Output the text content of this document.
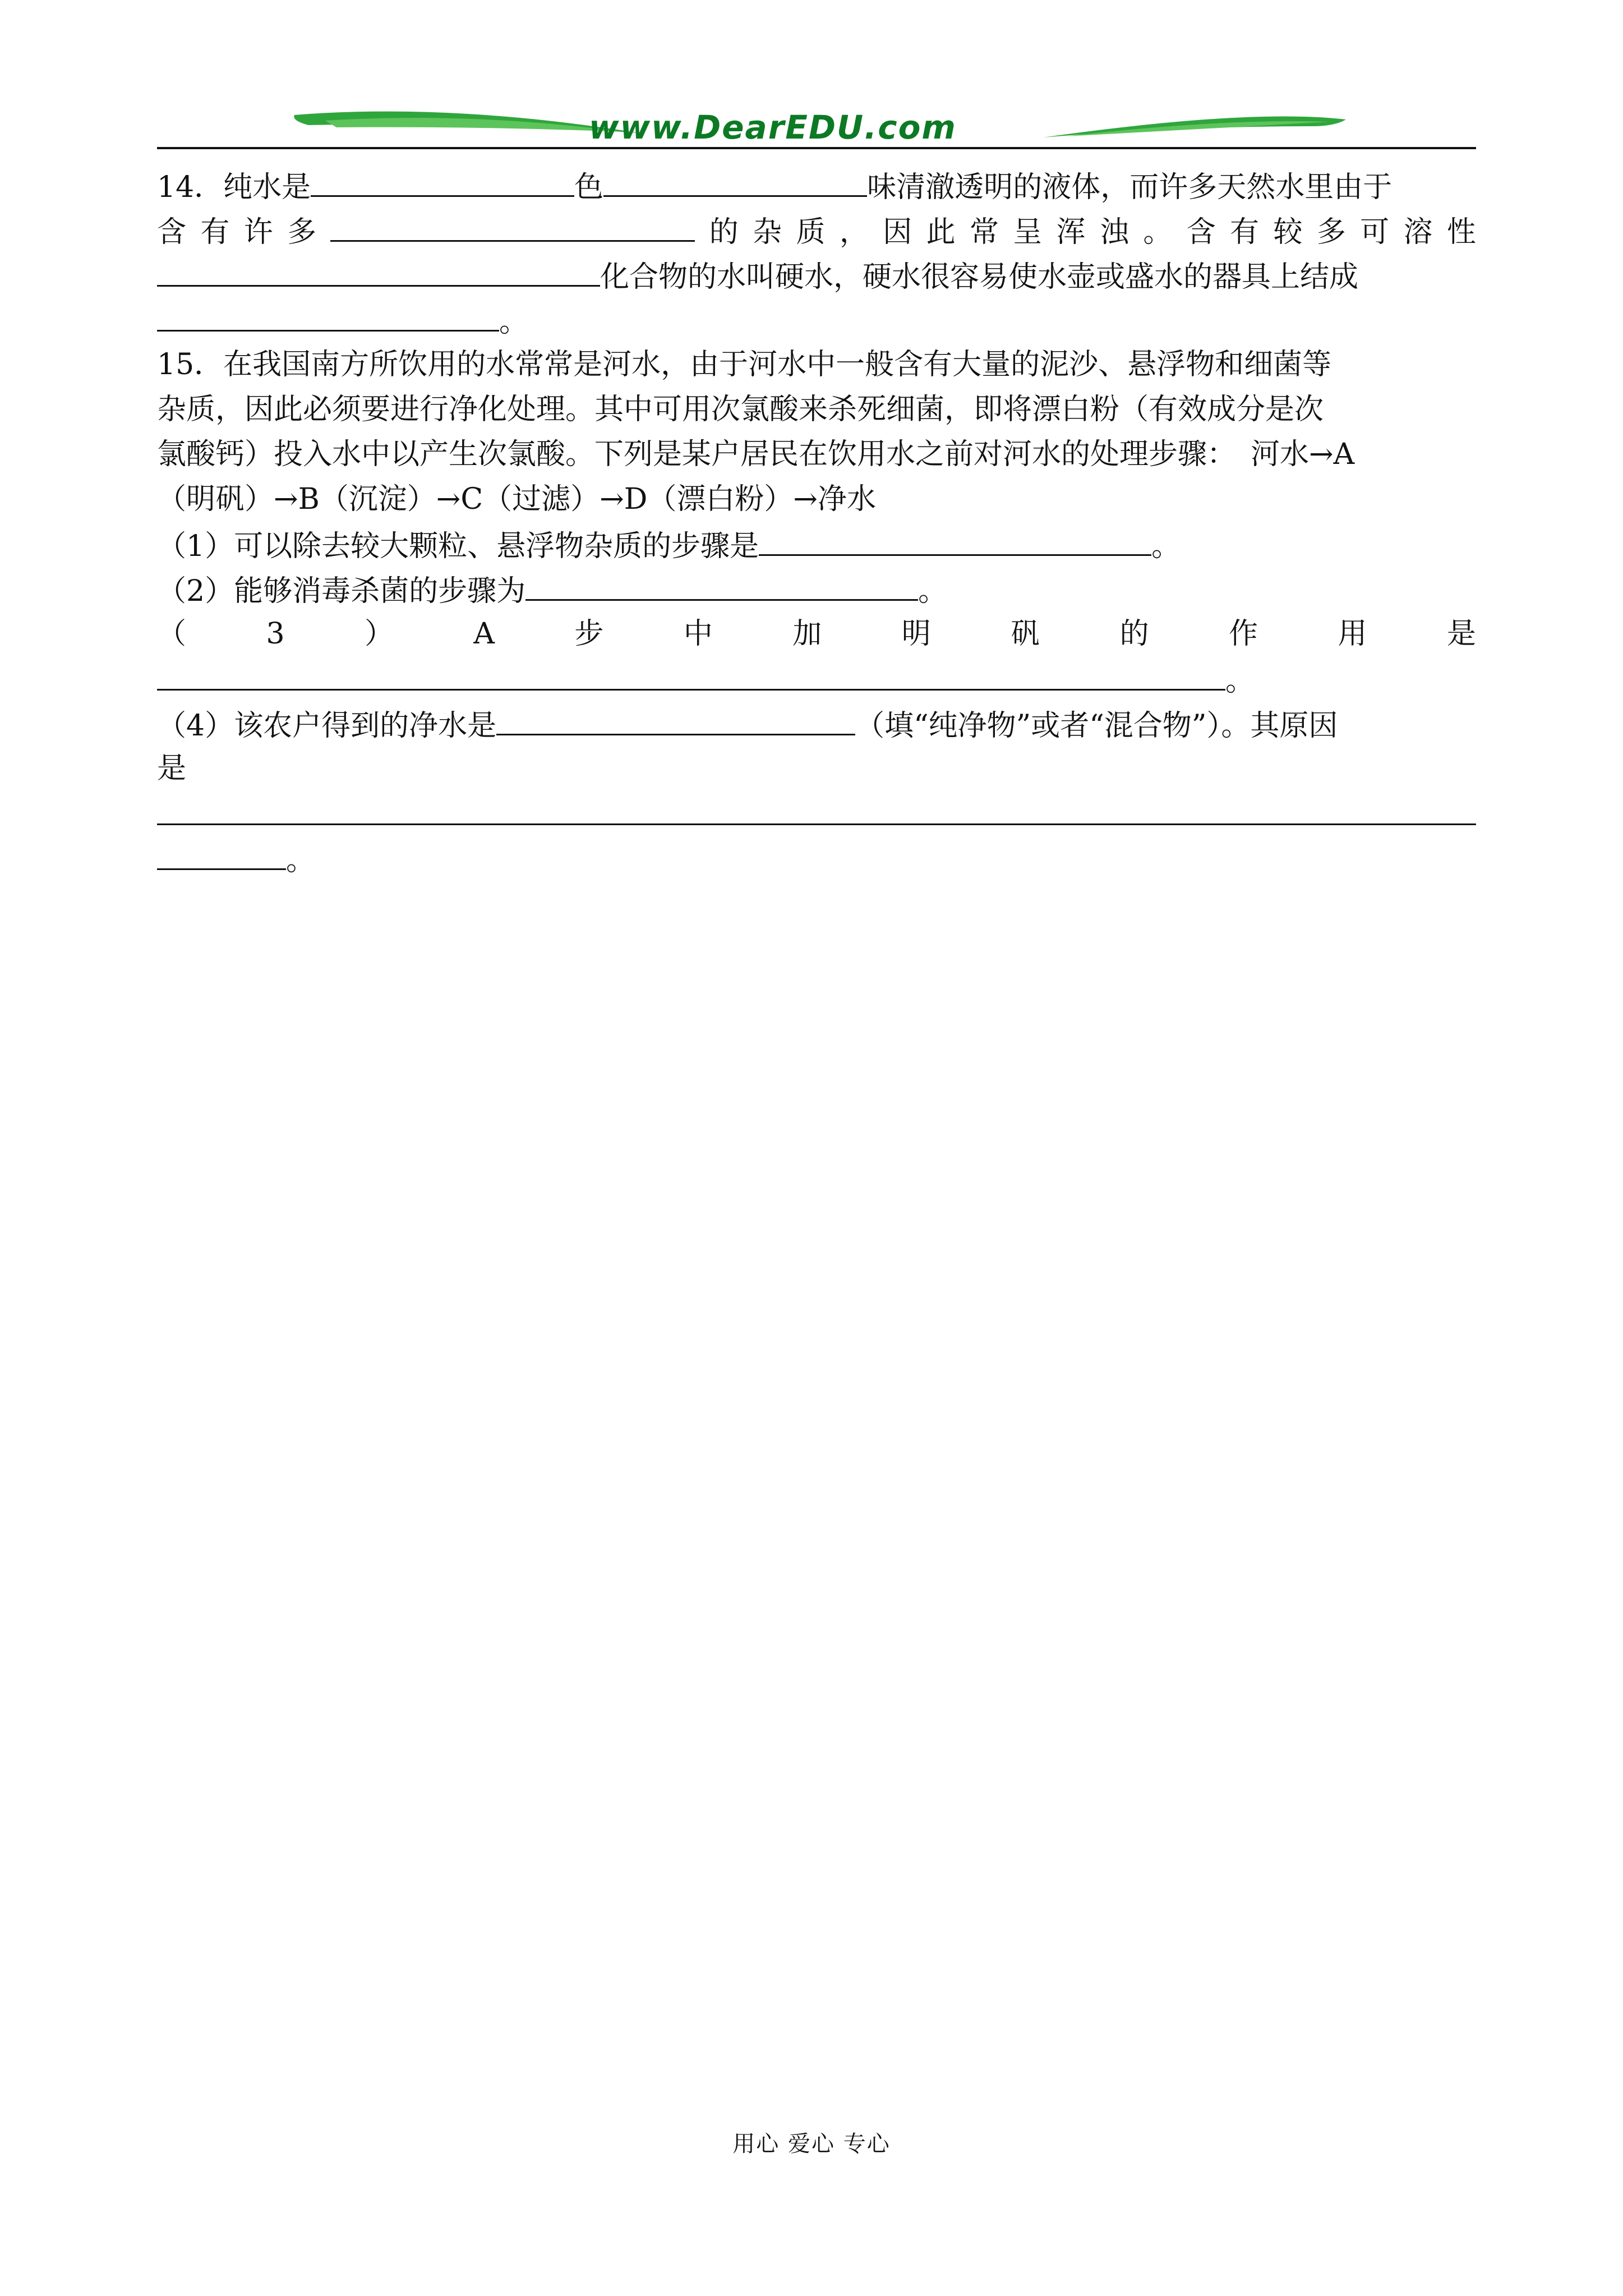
www.DearEDU.com
14．纯水是	色	味清澈透明的液体，而许多天然水里由于
含 有 许 多	的 杂 质 ， 因 此 常 呈 浑 浊 。 含 有 较 多 可 溶 性
化合物的水叫硬水，硬水很容易使水壶或盛水的器具上结成
。
15．在我国南方所饮用的水常常是河水，由于河水中一般含有大量的泥沙、悬浮物和细菌等
杂质，因此必须要进行净化处理。其中可用次氯酸来杀死细菌，即将漂白粉（有效成分是次
氯酸钙）投入水中以产生次氯酸。下列是某户居民在饮用水之前对河水的处理步骤：　河水→A
（明矾）→B（沉淀）→C（过滤）→D（漂白粉）→净水
（1）可以除去较大颗粒、悬浮物杂质的步骤是	。
（2）能够消毒杀菌的步骤为	。
（	3	）	A	步	中	加	明	矾	的	作	用	是
。
（4）该农户得到的净水是	（填“纯净物”或者“混合物”）。其原因
是
。
用心 爱心 专心
